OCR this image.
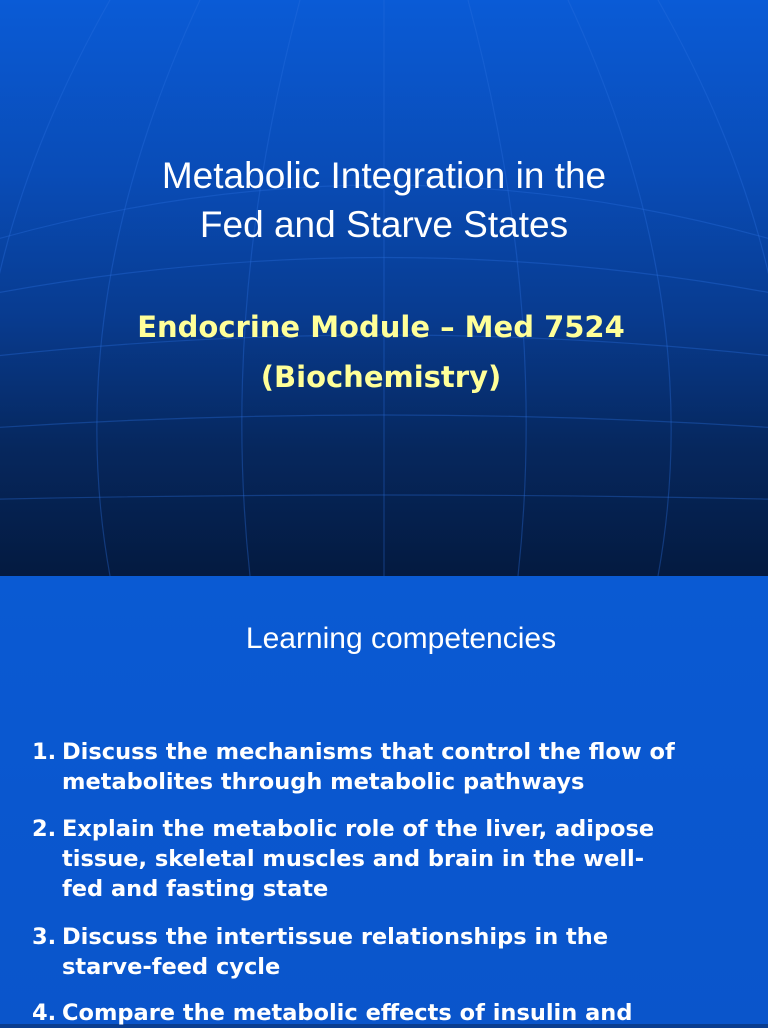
Metabolic Integration in the
Fed and Starve States
Endocrine Module – Med 7524
(Biochemistry)
Learning competencies
1. Discuss the mechanisms that control the flow of
metabolites through metabolic pathways
2. Explain the metabolic role of the liver, adipose
tissue, skeletal muscles and brain in the well-
fed and fasting state
3. Discuss the intertissue relationships in the
starve-feed cycle
4. Compare the metabolic effects of insulin and
